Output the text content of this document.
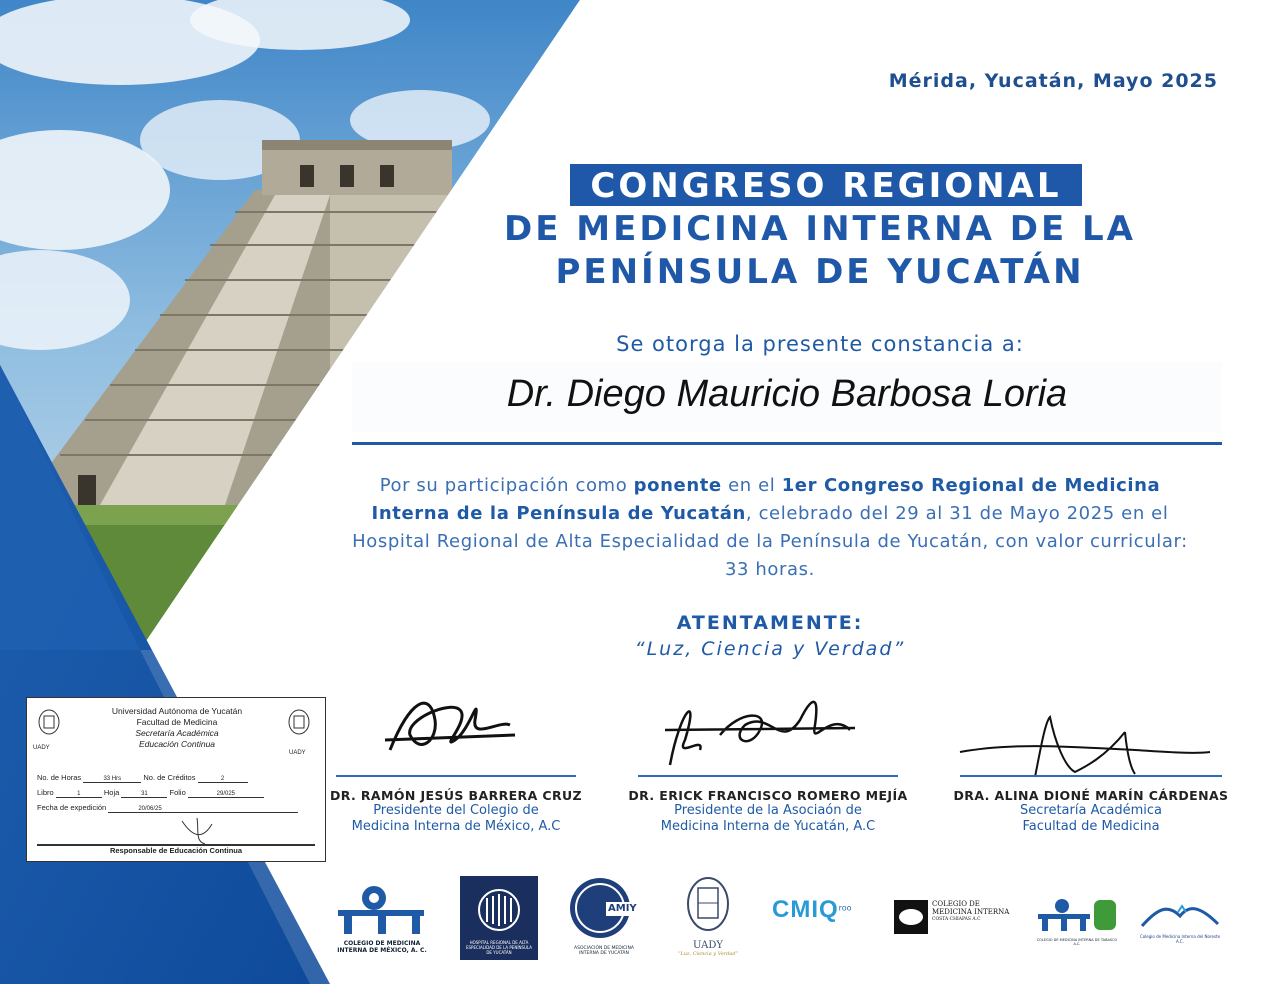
Mérida, Yucatán, Mayo 2025
CONGRESO REGIONAL
DE MEDICINA INTERNA DE LA
PENÍNSULA DE YUCATÁN
Se otorga la presente constancia a:
Dr. Diego Mauricio Barbosa Loria
Por su participación como ponente en el 1er Congreso Regional de Medicina Interna de la Península de Yucatán, celebrado del 29 al 31 de Mayo 2025 en el Hospital Regional de Alta Especialidad de la Península de Yucatán, con valor curricular: 33 horas.
ATENTAMENTE:
“Luz, Ciencia y Verdad”
DR. RAMÓN JESÚS BARRERA CRUZ
Presidente del Colegio de
Medicina Interna de México, A.C
DR. ERICK FRANCISCO ROMERO MEJÍA
Presidente de la Asociaón de
Medicina Interna de Yucatán, A.C
DRA. ALINA DIONÉ MARÍN CÁRDENAS
Secretaría Académica
Facultad de Medicina
UADY
UADY
Universidad Autónoma de Yucatán
Facultad de Medicina
Secretaría Académica
Educación Continua
No. de Horas	33 Hrs	No. de Créditos	2
Libro	1	Hoja	31	Folio	29/025
Fecha de expedición	20/06/25
Responsable de Educación Continua
COLEGIO DE MEDICINA
INTERNA DE MÉXICO, A. C.
HOSPITAL REGIONAL DE ALTA ESPECIALIDAD DE LA PENÍNSULA DE YUCATÁN
AMIY
ASOCIACIÓN DE MEDICINA INTERNA DE YUCATÁN
UADY
“Luz, Ciencia y Verdad”
$CMIQ^{roo}$	COLEGIO DE
MEDICINA INTERNA
COSTA CHIAPAS A.C
COLEGIO DE MEDICINA INTERNA DE TABASCO A.C.
Colegio de Medicina Interna del Noreste A.C.
